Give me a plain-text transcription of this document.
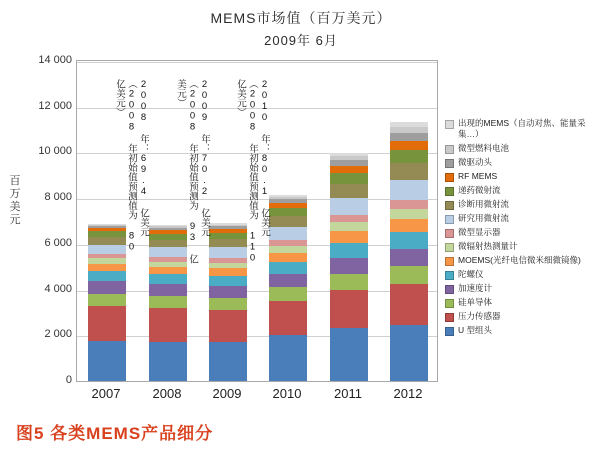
MEMS市场值（百万美元）
2009年 6月
百万美元
14 000
12 000
10 000
8 000
6 000
4 000
2 000
0
2008 年：69.4 亿美元（2008 年初始值预测值为 80 亿美元）	2009 年：70.2 亿美元（2008 年初始值预测为 93 亿美元）	2010 年：80.1 亿美元（2008 年初始值预测值为 110 亿美元）
2007	2008	2009	2010	2011	2012
出现的MEMS（自动对焦、能量采集…）
微型燃料电池
微驱动头
RF MEMS
递药微射流
诊断用微射流
研究用微射流
微型显示器
微辐射热测量计
MOEMS(光纤电信微米细微镜像)
陀螺仪
加速度计
硅单导体
压力传感器
U 型组头
图5 各类MEMS产品细分
